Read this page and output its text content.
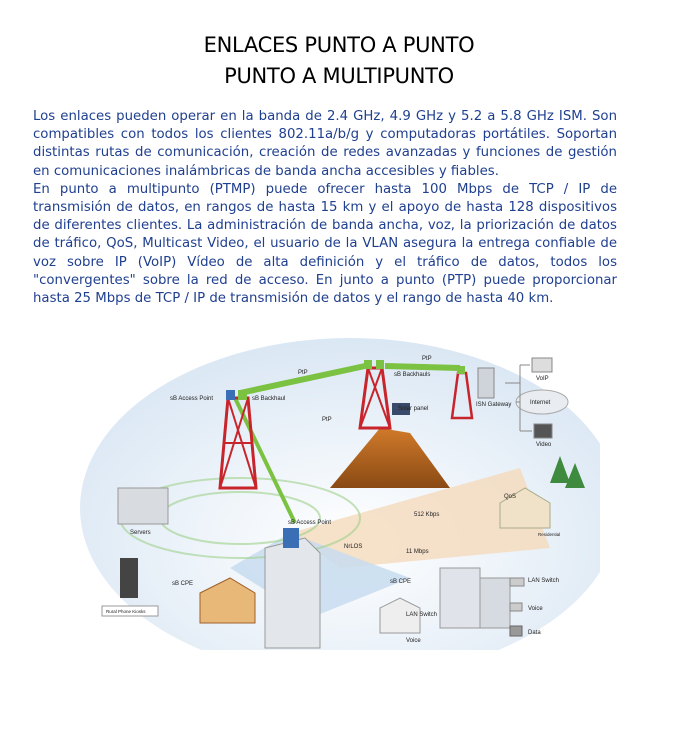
ENLACES PUNTO A PUNTO
PUNTO A MULTIPUNTO

Los enlaces pueden operar en la banda de 2.4 GHz, 4.9 GHz y 5.2 a 5.8 GHz ISM. Son compatibles con todos los clientes 802.11a/b/g y computadoras portátiles. Soportan distintas rutas de comunicación, creación de redes avanzadas y funciones de gestión en comunicaciones inalámbricas de banda ancha accesibles y fiables.

En punto a multipunto (PTMP) puede ofrecer hasta 100 Mbps de TCP / IP de transmisión de datos, en rangos de hasta 15 km y el apoyo de hasta 128 dispositivos de diferentes clientes. La administración de banda ancha, voz, la priorización de datos de tráfico, QoS, Multicast Video, el usuario de la VLAN asegura la entrega confiable de voz sobre IP (VoIP) Vídeo de alta definición y el tráfico de datos, todos los "convergentes" sobre la red de acceso. En junto a punto (PTP) puede proporcionar hasta 25 Mbps de TCP / IP de transmisión de datos y el rango de hasta 40 km.

PtP
PtP
PtP
sB Access Point	sB Backhaul
sB Backhauls
Solar panel
ISN Gateway
VoIP
Internet
Video
Servers
sB Access Point
512 Kbps
QoS
NrLOS
11 Mbps
sB CPE	sB CPE	LAN Switch
LAN Switch
Voice
Voice
Data
Rural Phone Kiosks
Residential
